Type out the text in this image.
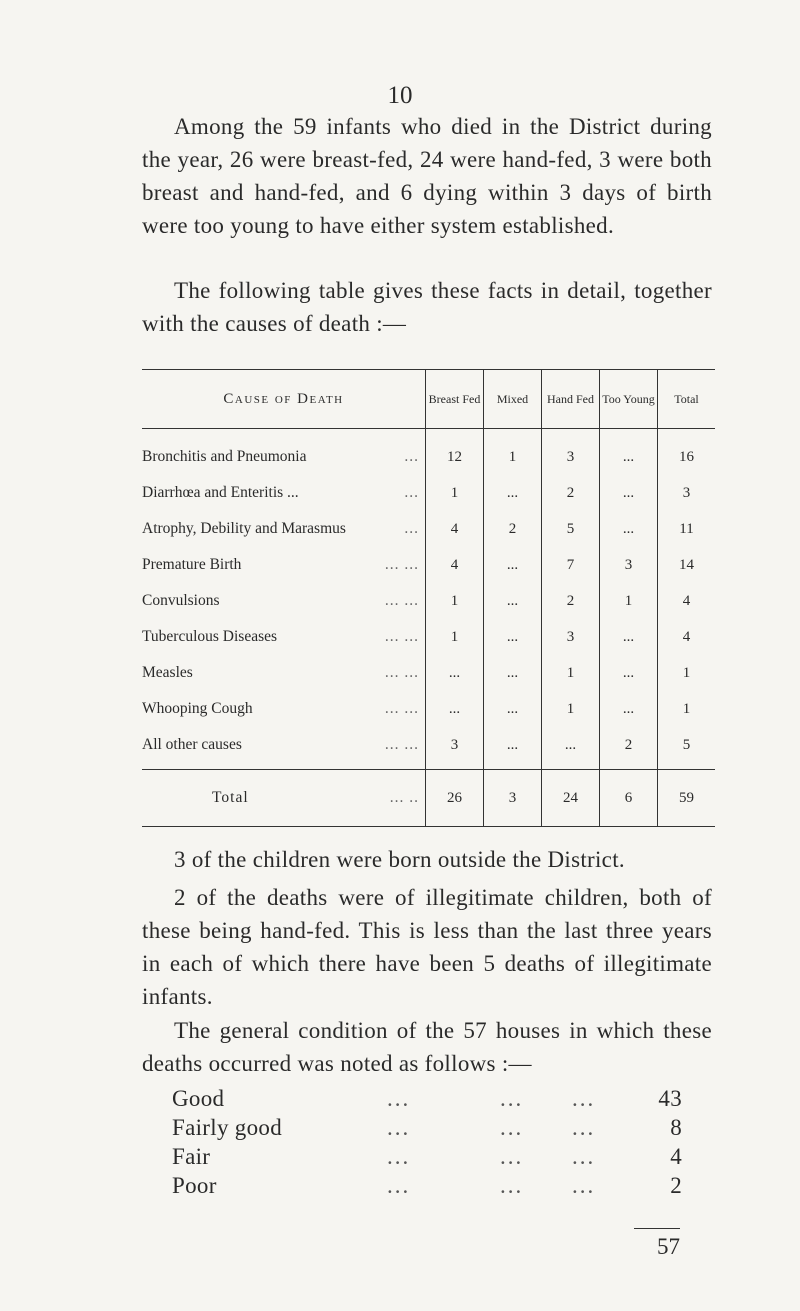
10

Among the 59 infants who died in the District during the year, 26 were breast-fed, 24 were hand-fed, 3 were both breast and hand-fed, and 6 dying within 3 days of birth were too young to have either system established.

The following table gives these facts in detail, together with the causes of death :—

Cause of Death	Breast Fed	Mixed	Hand Fed	Too Young	Total
Bronchitis and Pneumonia ...	12	1	3	...	16
Diarrhœa and Enteritis ... ...	1	...	2	...	3
Atrophy, Debility and Marasmus ...	4	2	5	...	11
Premature Birth ... ...	4	...	7	3	14
Convulsions ... ...	1	...	2	1	4
Tuberculous Diseases ... ...	1	...	3	...	4
Measles ... ...	...	...	1	...	1
Whooping Cough ... ...	...	...	1	...	1
All other causes ... ...	3	...	...	2	5
Total ... ..	26	3	24	6	59

3 of the children were born outside the District.

2 of the deaths were of illegitimate children, both of these being hand-fed. This is less than the last three years in each of which there have been 5 deaths of illegitimate infants.

The general condition of the 57 houses in which these deaths occurred was noted as follows :—

Good	...	... ...	43
Fairly good	...	... ...	8
Fair	...	... ...	4
Poor	...	... ...	2
57
